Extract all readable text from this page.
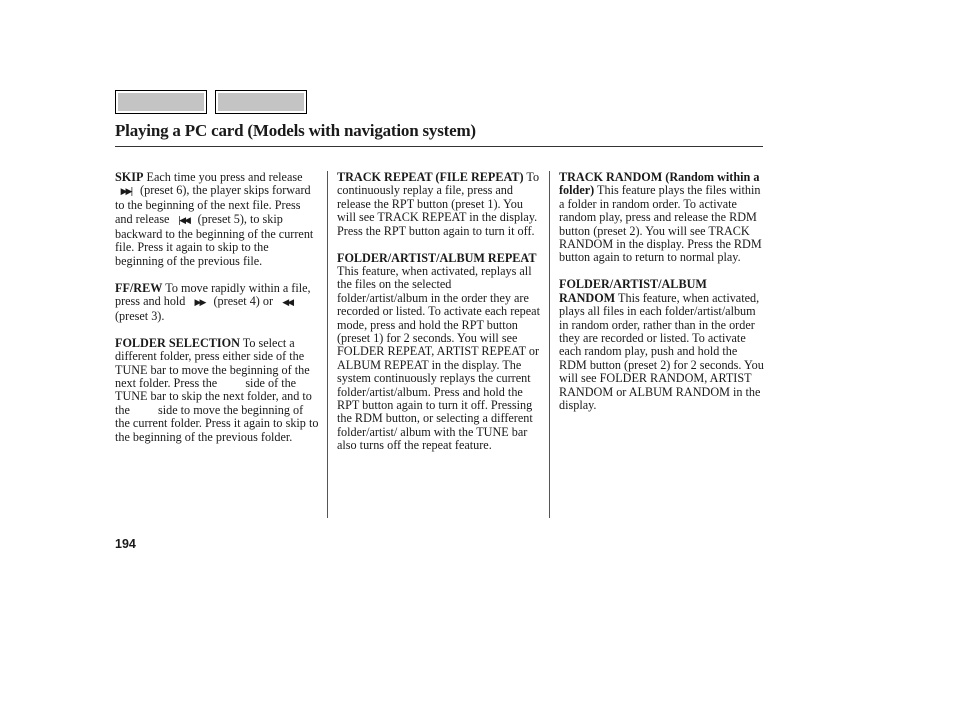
Playing a PC card (Models with navigation system)

SKIP Each time you press and release ▶▶| (preset 6), the player skips forward to the beginning of the next file. Press and release |◀◀ (preset 5), to skip backward to the beginning of the current file. Press it again to skip to the beginning of the previous file.

FF/REW To move rapidly within a file, press and hold ▶▶ (preset 4) or ◀◀ (preset 3).

FOLDER SELECTION To select a different folder, press either side of the TUNE bar to move the beginning of the next folder. Press the  side of the TUNE bar to skip the next folder, and to the  side to move the beginning of the current folder. Press it again to skip to the beginning of the previous folder.

TRACK REPEAT (FILE REPEAT) To continuously replay a file, press and release the RPT button (preset 1). You will see TRACK REPEAT in the display. Press the RPT button again to turn it off.

FOLDER/ARTIST/ALBUM REPEAT This feature, when activated, replays all the files on the selected folder/artist/album in the order they are recorded or listed. To activate each repeat mode, press and hold the RPT button (preset 1) for 2 seconds. You will see FOLDER REPEAT, ARTIST REPEAT or ALBUM REPEAT in the display. The system continuously replays the current folder/artist/album. Press and hold the RPT button again to turn it off. Pressing the RDM button, or selecting a different folder/artist/ album with the TUNE bar also turns off the repeat feature.

TRACK RANDOM (Random within a folder) This feature plays the files within a folder in random order. To activate random play, press and release the RDM button (preset 2). You will see TRACK RANDOM in the display. Press the RDM button again to return to normal play.

FOLDER/ARTIST/ALBUM RANDOM This feature, when activated, plays all files in each folder/artist/album in random order, rather than in the order they are recorded or listed. To activate each random play, push and hold the RDM button (preset 2) for 2 seconds. You will see FOLDER RANDOM, ARTIST RANDOM or ALBUM RANDOM in the display.

194
